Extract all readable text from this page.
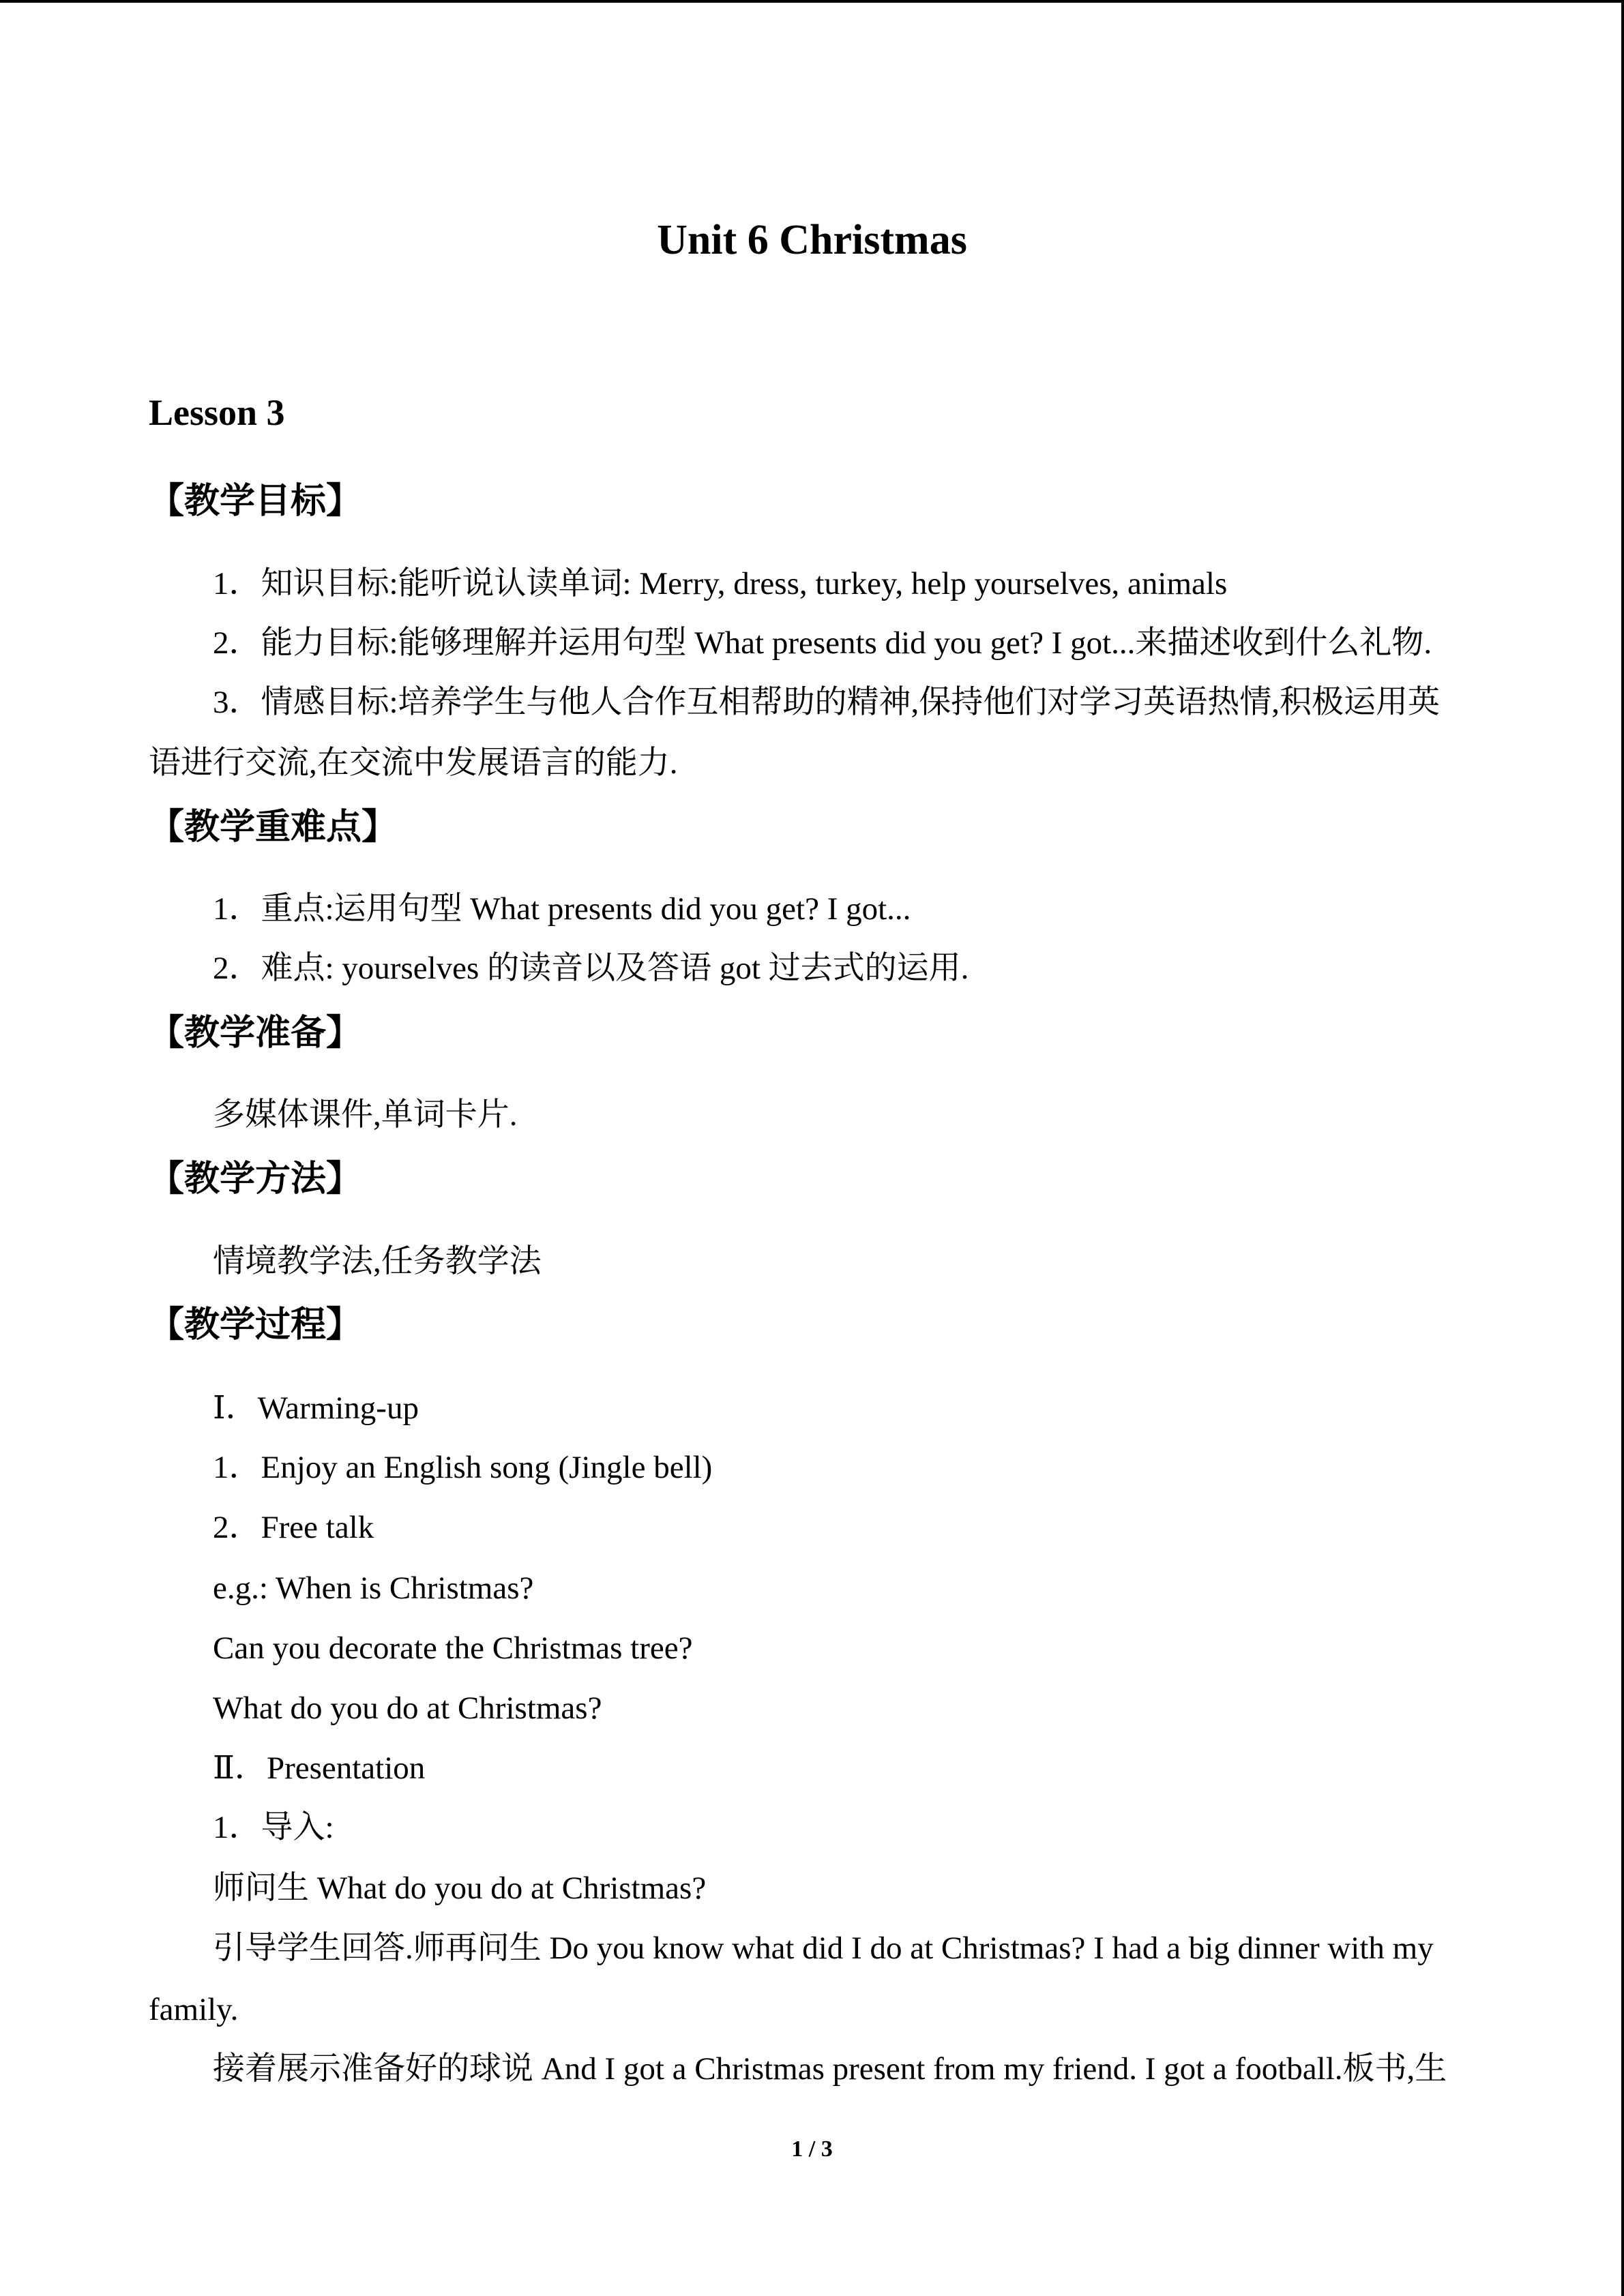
Unit 6 Christmas
Lesson 3
【教学目标】
1．知识目标:能听说认读单词: Merry, dress, turkey, help yourselves, animals
2．能力目标:能够理解并运用句型 What presents did you get? I got...来描述收到什么礼物.
3．情感目标:培养学生与他人合作互相帮助的精神,保持他们对学习英语热情,积极运用英
语进行交流,在交流中发展语言的能力.
【教学重难点】
1．重点:运用句型 What presents did you get? I got...
2．难点: yourselves 的读音以及答语 got 过去式的运用.
【教学准备】
多媒体课件,单词卡片.
【教学方法】
情境教学法,任务教学法
【教学过程】
Ⅰ．Warming-up
1．Enjoy an English song (Jingle bell)
2．Free talk
e.g.: When is Christmas?
Can you decorate the Christmas tree?
What do you do at Christmas?
Ⅱ．Presentation
1．导入:
师问生 What do you do at Christmas?
引导学生回答.师再问生 Do you know what did I do at Christmas? I had a big dinner with my
family.
接着展示准备好的球说 And I got a Christmas present from my friend. I got a football.板书,生
1 / 3
